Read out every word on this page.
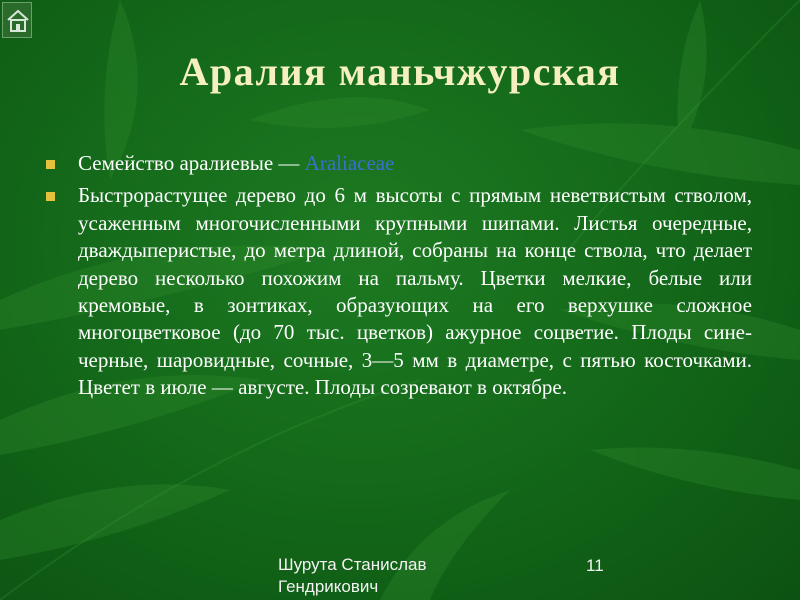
Аралия маньчжурская

Семейство аралиевые — Araliaceae

Быстрорастущее дерево до 6 м высоты с прямым неветвистым стволом, усаженным многочисленными крупными шипами. Листья очередные, дваждыперистые, до метра длиной, собраны на конце ствола, что делает дерево несколько похожим на пальму. Цветки мелкие, белые или кремовые, в зонтиках, образующих на его верхушке сложное многоцветковое (до 70 тыс. цветков) ажурное соцветие. Плоды сине-черные, шаровидные, сочные, 3—5 мм в диаметре, с пятью косточками. Цветет в июле — августе. Плоды созревают в октябре.

Шурута Станислав
Гендрикович
11
